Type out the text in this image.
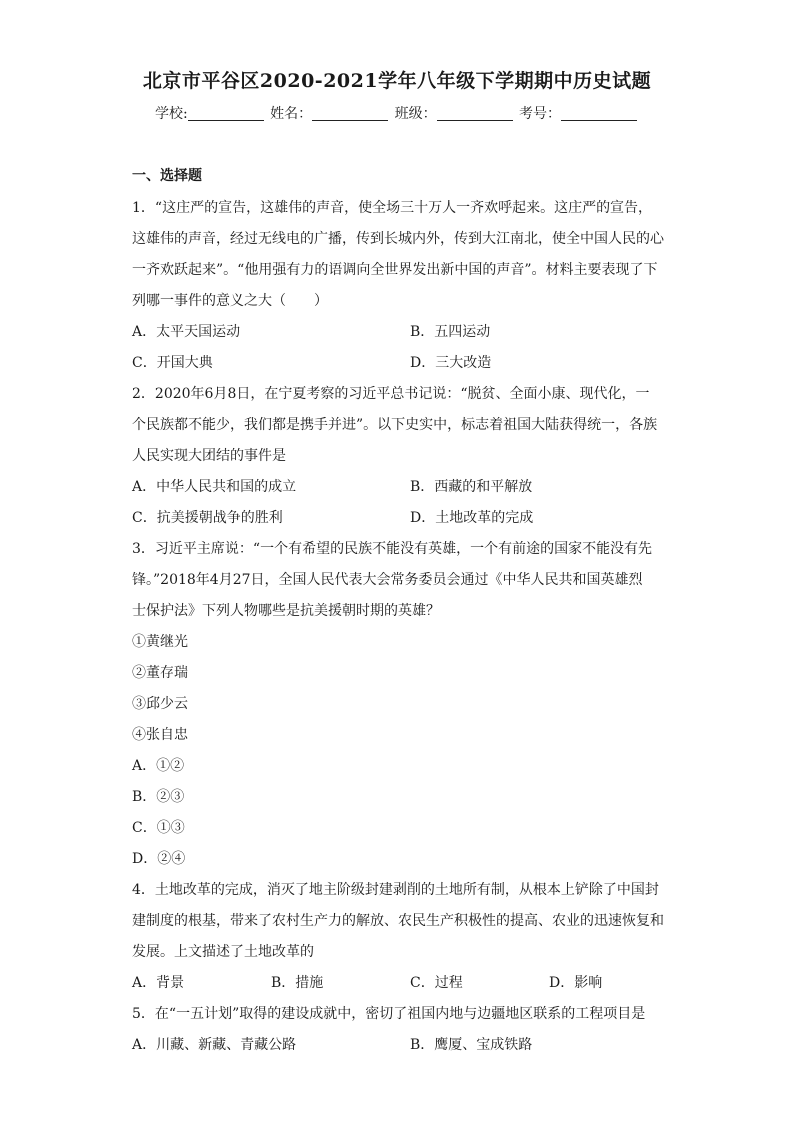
北京市平谷区2020-2021学年八年级下学期期中历史试题
学校:	姓名：	班级：	考号：
一、选择题
1．“这庄严的宣告，这雄伟的声音，使全场三十万人一齐欢呼起来。这庄严的宣告，
这雄伟的声音，经过无线电的广播，传到长城内外，传到大江南北，使全中国人民的心
一齐欢跃起来”。“他用强有力的语调向全世界发出新中国的声音”。材料主要表现了下
列哪一事件的意义之大（　　）
A．太平天国运动	B．五四运动
C．开国大典	D．三大改造
2．2020年6月8日，在宁夏考察的习近平总书记说：“脱贫、全面小康、现代化，一
个民族都不能少，我们都是携手并进”。以下史实中，标志着祖国大陆获得统一，各族
人民实现大团结的事件是
A．中华人民共和国的成立	B．西藏的和平解放
C．抗美援朝战争的胜利	D．土地改革的完成
3．习近平主席说：“一个有希望的民族不能没有英雄，一个有前途的国家不能没有先
锋。”2018年4月27日，全国人民代表大会常务委员会通过《中华人民共和国英雄烈
士保护法》下列人物哪些是抗美援朝时期的英雄？
①黄继光
②董存瑞
③邱少云
④张自忠
A．①②
B．②③
C．①③
D．②④
4．土地改革的完成，消灭了地主阶级封建剥削的土地所有制，从根本上铲除了中国封
建制度的根基，带来了农村生产力的解放、农民生产积极性的提高、农业的迅速恢复和
发展。上文描述了土地改革的
A．背景	B．措施	C．过程	D．影响
5．在“一五计划”取得的建设成就中，密切了祖国内地与边疆地区联系的工程项目是
A．川藏、新藏、青藏公路	B．鹰厦、宝成铁路
